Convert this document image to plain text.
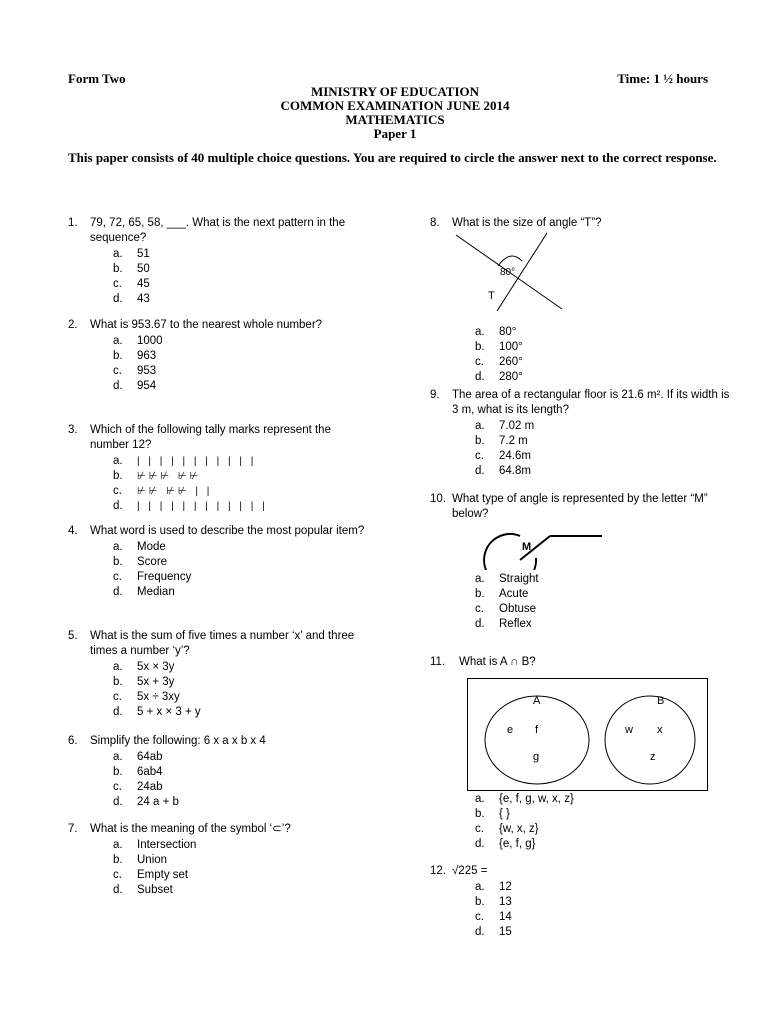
Form Two	Time: 1 ½ hours
MINISTRY OF EDUCATION
COMMON EXAMINATION JUNE 2014
MATHEMATICS
Paper 1
This paper consists of 40 multiple choice questions. You are required to circle the answer next to the correct response.
1. 79, 72, 65, 58, ___. What is the next pattern in the sequence?
a. 51
b. 50
c. 45
d. 43
2. What is 953.67 to the nearest whole number?
a. 1000
b. 963
c. 953
d. 954
3. Which of the following tally marks represent the number 12?
a. | | | | | | | | | | |
b. ⊬⊬⊬ ⊬⊬
c. ⊬⊬ ⊬⊬ | |
d. | | | | | | | | | | | |
4. What word is used to describe the most popular item?
a. Mode
b. Score
c. Frequency
d. Median
5. What is the sum of five times a number ‘x’ and three times a number ‘y’?
a. 5x × 3y
b. 5x + 3y
c. 5x ÷ 3xy
d. 5 + x × 3 + y
6. Simplify the following: 6 x a x b x 4
a. 64ab
b. 6ab4
c. 24ab
d. 24 a + b
7. What is the meaning of the symbol ‘⊂’?
a. Intersection
b. Union
c. Empty set
d. Subset
8. What is the size of angle “T”?
80°
T
a. 80°
b. 100°
c. 260°
d. 280°
9. The area of a rectangular floor is 21.6 m². If its width is 3 m, what is its length?
a. 7.02 m
b. 7.2 m
c. 24.6m
d. 64.8m
10. What type of angle is represented by the letter “M” below?
M
a. Straight
b. Acute
c. Obtuse
d. Reflex
11. What is A ∩ B?
A	B
e f
g
w x
z
a. {e, f, g, w, x, z}
b. { }
c. {w, x, z}
d. {e, f, g}
12. √225 =
a. 12
b. 13
c. 14
d. 15
